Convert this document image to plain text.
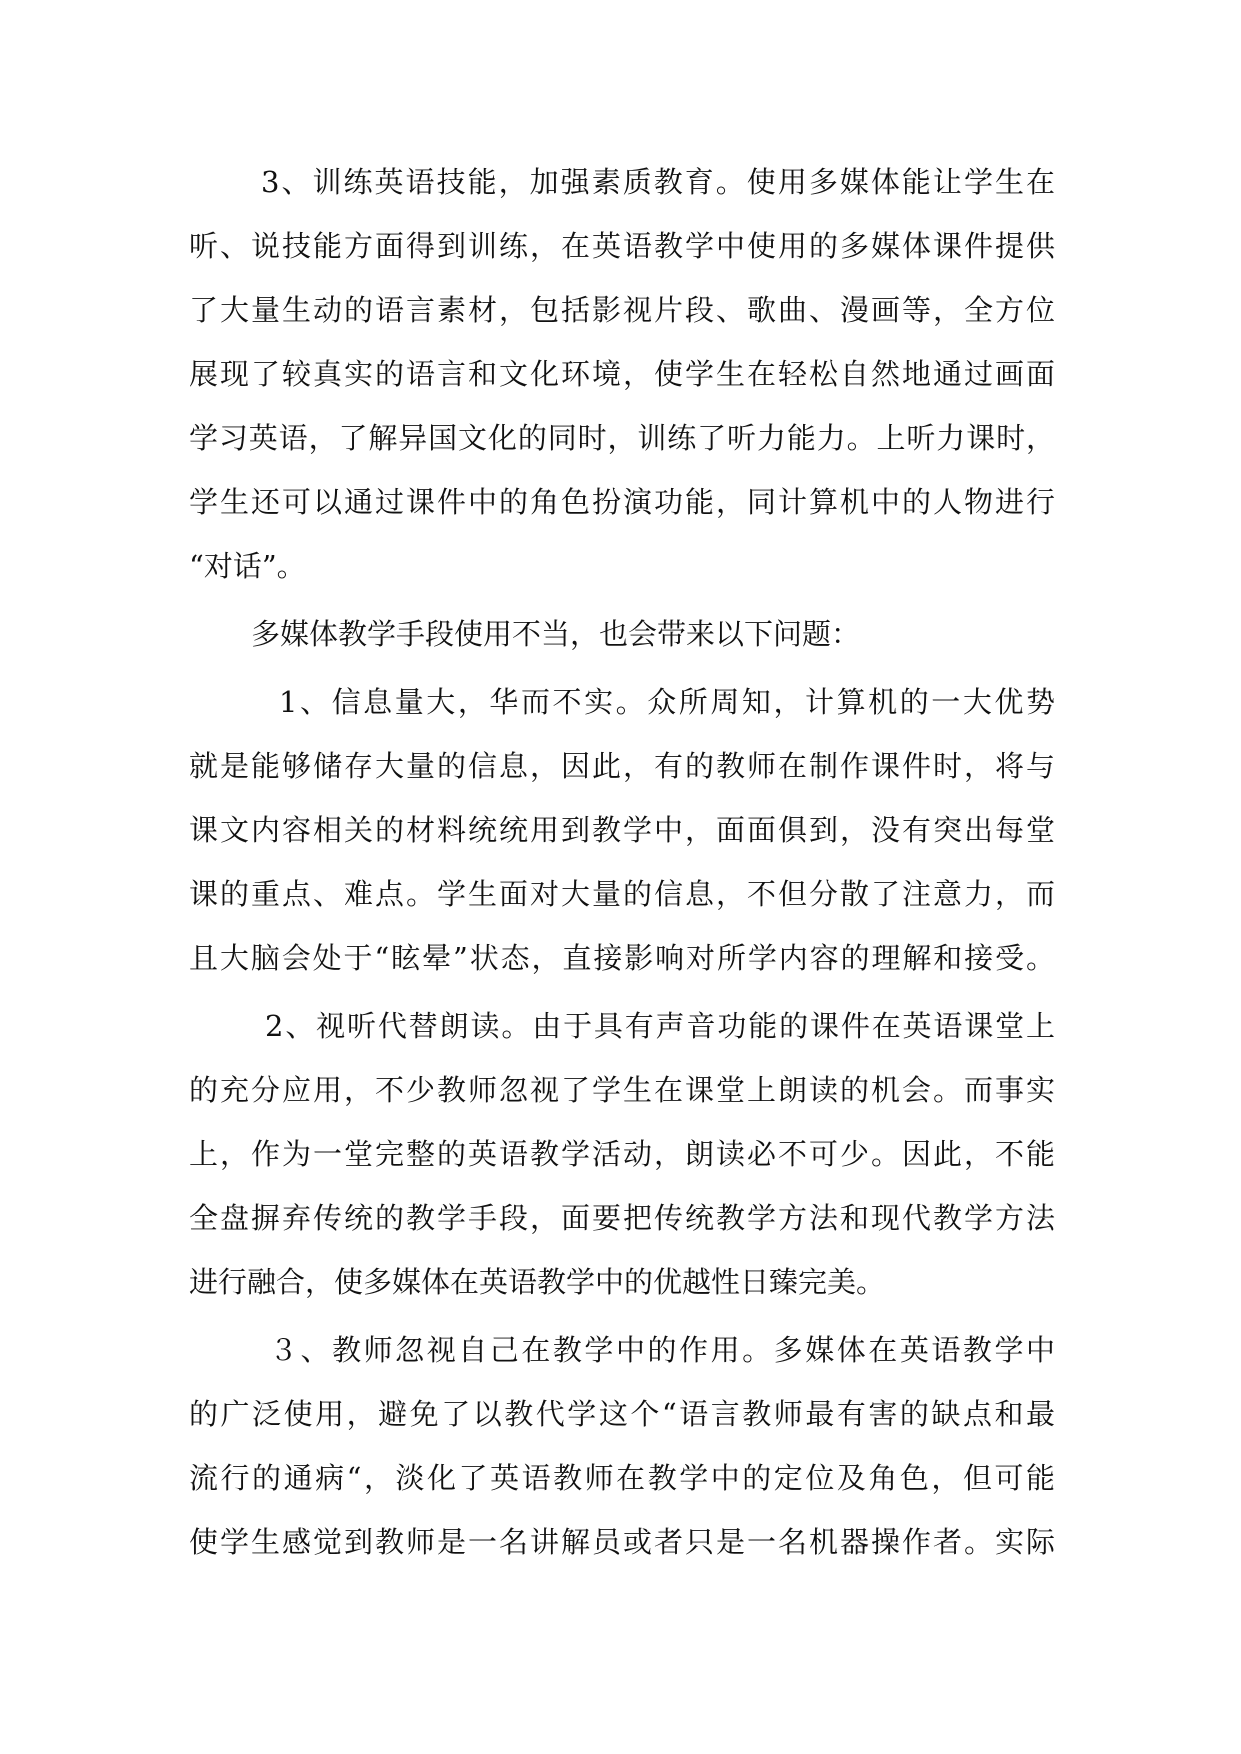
3、训练英语技能，加强素质教育。使用多媒体能让学生在
听、说技能方面得到训练，在英语教学中使用的多媒体课件提供
了大量生动的语言素材，包括影视片段、歌曲、漫画等，全方位
展现了较真实的语言和文化环境，使学生在轻松自然地通过画面
学习英语，了解异国文化的同时，训练了听力能力。上听力课时，
学生还可以通过课件中的角色扮演功能，同计算机中的人物进行
“对话”。
多媒体教学手段使用不当，也会带来以下问题：
1、信息量大，华而不实。众所周知，计算机的一大优势
就是能够储存大量的信息，因此，有的教师在制作课件时，将与
课文内容相关的材料统统用到教学中，面面俱到，没有突出每堂
课的重点、难点。学生面对大量的信息，不但分散了注意力，而
且大脑会处于“眩晕”状态，直接影响对所学内容的理解和接受。
2、视听代替朗读。由于具有声音功能的课件在英语课堂上
的充分应用，不少教师忽视了学生在课堂上朗读的机会。而事实
上，作为一堂完整的英语教学活动，朗读必不可少。因此，不能
全盘摒弃传统的教学手段，面要把传统教学方法和现代教学方法
进行融合，使多媒体在英语教学中的优越性日臻完美。
３、教师忽视自己在教学中的作用。多媒体在英语教学中
的广泛使用，避免了以教代学这个“语言教师最有害的缺点和最
流行的通病“，淡化了英语教师在教学中的定位及角色，但可能
使学生感觉到教师是一名讲解员或者只是一名机器操作者。实际
